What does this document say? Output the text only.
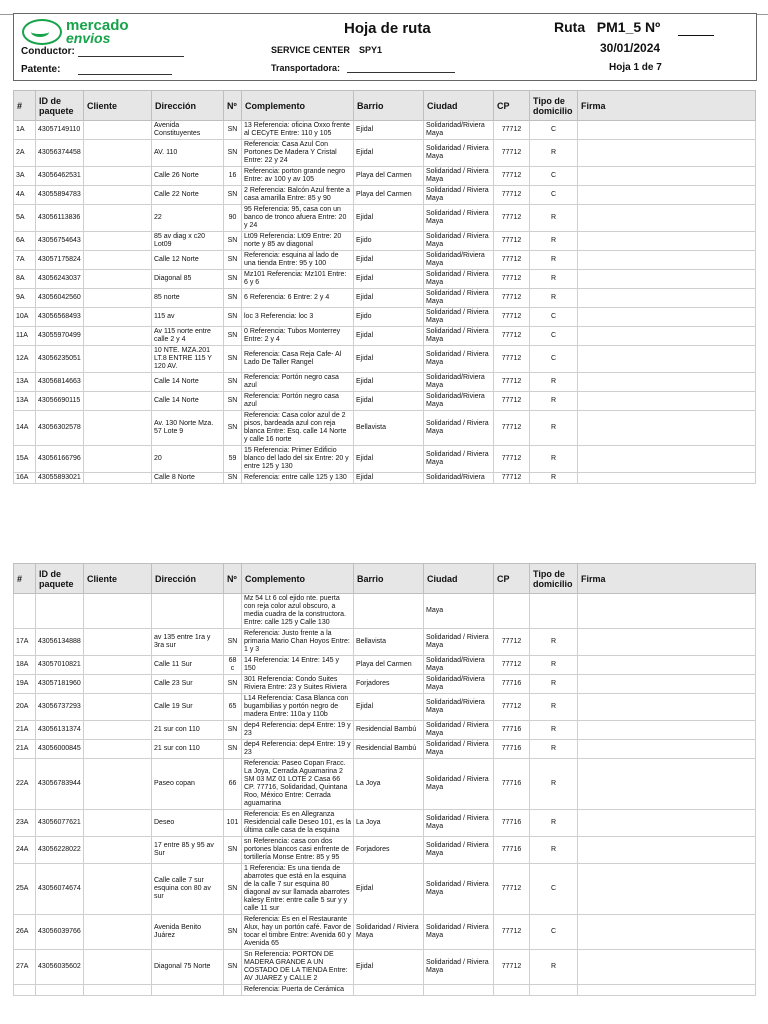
mercado
envios
Conductor:
Patente:
Hoja de ruta
SERVICE CENTER SPY1
Transportadora:
Ruta PM1_5 Nº
30/01/2024
Hoja 1 de 7
#	ID de paquete	Cliente	Dirección	Nº	Complemento	Barrio	Ciudad	CP	Tipo de domicilio	Firma
1A	43057149110		Avenida Constituyentes	SN	13 Referencia: oficina Oxxo frente al CECyTE Entre: 110 y 105	Ejidal	Solidaridad/Riviera Maya	77712	C	
2A	43056374458		AV. 110	SN	Referencia: Casa Azul Con Portones De Madera Y Cristal Entre: 22 y 24	Ejidal	Solidaridad / Riviera Maya	77712	R	
3A	43056462531		Calle 26 Norte	16	Referencia: porton grande negro Entre: av 100 y av 105	Playa del Carmen	Solidaridad / Riviera Maya	77712	C	
4A	43055894783		Calle 22 Norte	SN	2 Referencia: Balcón Azul frente a casa amarilla Entre: 85 y 90	Playa del Carmen	Solidaridad / Riviera Maya	77712	C	
5A	43056113836		22	90	95 Referencia: 95, casa con un banco de tronco afuera Entre: 20 y 24	Ejidal	Solidaridad / Riviera Maya	77712	R	
6A	43056754643		85 av diag x c20 Lot09	SN	Lt09 Referencia: Lt09 Entre: 20 norte y 85 av diagonal	Ejido	Solidaridad / Riviera Maya	77712	R	
7A	43057175824		Calle 12 Norte	SN	Referencia: esquina al lado de una tienda Entre: 95 y 100	Ejidal	Solidaridad/Riviera Maya	77712	R	
8A	43056243037		Diagonal 85	SN	Mz101 Referencia: Mz101 Entre: 6 y 6	Ejidal	Solidaridad / Riviera Maya	77712	R	
9A	43056042560		85 norte	SN	6 Referencia: 6 Entre: 2 y 4	Ejidal	Solidaridad / Riviera Maya	77712	R	
10A	43056568493		115 av	SN	loc 3 Referencia: loc 3	Ejido	Solidaridad / Riviera Maya	77712	C	
11A	43055970499		Av 115 norte entre calle 2 y 4	SN	0 Referencia: Tubos Monterrey Entre: 2 y 4	Ejidal	Solidaridad / Riviera Maya	77712	C	
12A	43056235051		10 NTE. MZA.201 LT.8 ENTRE 115 Y 120 AV.	SN	Referencia: Casa Reja Cafe- Al Lado De Taller Rangel	Ejidal	Solidaridad / Riviera Maya	77712	C	
13A	43056814663		Calle 14 Norte	SN	Referencia: Portón negro casa azul	Ejidal	Solidaridad/Riviera Maya	77712	R	
13A	43056690115		Calle 14 Norte	SN	Referencia: Portón negro casa azul	Ejidal	Solidaridad/Riviera Maya	77712	R	
14A	43056302578		Av. 130 Norte Mza. 57 Lote 9	SN	Referencia: Casa color azul de 2 pisos, bardeada azul con reja blanca Entre: Esq. calle 14 Norte y calle 16 norte	Bellavista	Solidaridad / Riviera Maya	77712	R	
15A	43056166796		20	59	15 Referencia: Primer Edificio blanco del lado del six Entre: 20 y entre 125 y 130	Ejidal	Solidaridad / Riviera Maya	77712	R	
16A	43055893021		Calle 8 Norte	SN	Referencia: entre calle 125 y 130	Ejidal	Solidaridad/Riviera	77712	R	
#	ID de paquete	Cliente	Dirección	Nº	Complemento	Barrio	Ciudad	CP	Tipo de domicilio	Firma
					Mz 54 Lt 6 col ejido nte. puerta con reja color azul obscuro, a media cuadra de la constructora. Entre: calle 125 y Calle 130		Maya			
17A	43056134888		av 135 entre 1ra y 3ra sur	SN	Referencia: Justo frente a la primaria Mario Chan Hoyos Entre: 1 y 3	Bellavista	Solidaridad / Riviera Maya	77712	R	
18A	43057010821		Calle 11 Sur	68 c	14 Referencia: 14 Entre: 145 y 150	Playa del Carmen	Solidaridad/Riviera Maya	77712	R	
19A	43057181960		Calle 23 Sur	SN	301 Referencia: Condo Suites Riviera Entre: 23 y Suites Riviera	Forjadores	Solidaridad/Riviera Maya	77716	R	
20A	43056737293		Calle 19 Sur	65	L14 Referencia: Casa Blanca con bugambilias y portón negro de madera Entre: 110a y 110b	Ejidal	Solidaridad/Riviera Maya	77712	R	
21A	43056131374		21 sur con 110	SN	dep4 Referencia: dep4 Entre: 19 y 23	Residencial Bambú	Solidaridad / Riviera Maya	77716	R	
21A	43056000845		21 sur con 110	SN	dep4 Referencia: dep4 Entre: 19 y 23	Residencial Bambú	Solidaridad / Riviera Maya	77716	R	
22A	43056783944		Paseo copan	66	Referencia: Paseo Copan Fracc. La Joya, Cerrada Aguamarina 2 SM 03 MZ 01 LOTE 2 Casa 66 CP. 77716, Solidaridad, Quintana Roo, México Entre: Cerrada aguamarina	La Joya	Solidaridad / Riviera Maya	77716	R	
23A	43056077621		Deseo	101	Referencia: Es en Allegranza Residencial calle Deseo 101, es la última calle casa de la esquina	La Joya	Solidaridad / Riviera Maya	77716	R	
24A	43056228022		17 entre 85 y 95 av Sur	SN	sn Referencia: casa con dos portones blancos casi enfrente de tortillería Monse Entre: 85 y 95	Forjadores	Solidaridad / Riviera Maya	77716	R	
25A	43056074674		Calle calle 7 sur esquina con 80 av sur	SN	1 Referencia: Es una tienda de abarrotes que está en la esquina de la calle 7 sur esquina 80 diagonal av sur llamada abarrotes kalesy Entre: entre calle 5 sur y y calle 11 sur	Ejidal	Solidaridad / Riviera Maya	77712	C	
26A	43056039766		Avenida Benito Juárez	SN	Referencia: Es en el Restaurante Alux, hay un portón café. Favor de tocar el timbre Entre: Avenida 60 y Avenida 65	Solidaridad / Riviera Maya	Solidaridad / Riviera Maya	77712	C	
27A	43056035602		Diagonal 75 Norte	SN	Sn Referencia: PORTON DE MADERA GRANDE A UN COSTADO DE LA TIENDA Entre: AV JUAREZ y CALLE 2	Ejidal	Solidaridad / Riviera Maya	77712	R	
					Referencia: Puerta de Cerámica					
